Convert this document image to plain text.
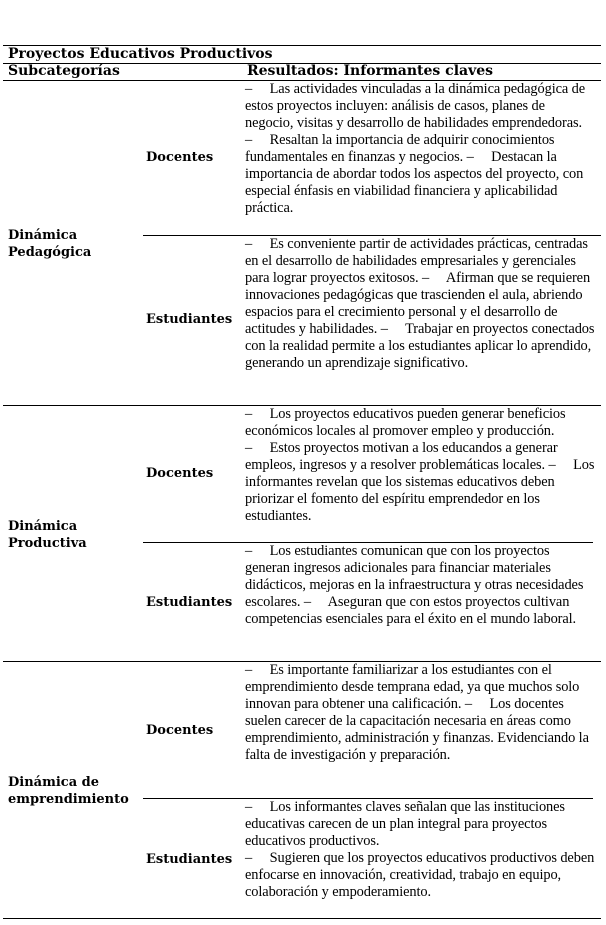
Proyectos Educativos Productivos
Subcategorías	Resultados: Informantes claves
Dinámica Pedagógica
Docentes
–     Las actividades vinculadas a la dinámica pedagógica de estos proyectos incluyen: análisis de casos, planes de negocio, visitas y desarrollo de habilidades emprendedoras. –     Resaltan la importancia de adquirir conocimientos fundamentales en finanzas y negocios. –     Destacan la importancia de abordar todos los aspectos del proyecto, con especial énfasis en viabilidad financiera y aplicabilidad práctica.
Estudiantes
–     Es conveniente partir de actividades prácticas, centradas en el desarrollo de habilidades empresariales y gerenciales para lograr proyectos exitosos. –     Afirman que se requieren innovaciones pedagógicas que trascienden el aula, abriendo espacios para el crecimiento personal y el desarrollo de actitudes y habilidades. –     Trabajar en proyectos conectados con la realidad permite a los estudiantes aplicar lo aprendido, generando un aprendizaje significativo.
Dinámica Productiva
Docentes
–     Los proyectos educativos pueden generar beneficios económicos locales al promover empleo y producción. –     Estos proyectos motivan a los educandos a generar empleos, ingresos y a resolver problemáticas locales. –     Los informantes revelan que los sistemas educativos deben priorizar el fomento del espíritu emprendedor en los estudiantes.
Estudiantes
–     Los estudiantes comunican que con los proyectos generan ingresos adicionales para financiar materiales didácticos, mejoras en la infraestructura y otras necesidades escolares. –     Aseguran que con estos proyectos cultivan competencias esenciales para el éxito en el mundo laboral.
Dinámica de emprendimiento
Docentes
–     Es importante familiarizar a los estudiantes con el emprendimiento desde temprana edad, ya que muchos solo innovan para obtener una calificación. –     Los docentes suelen carecer de la capacitación necesaria en áreas como emprendimiento, administración y finanzas. Evidenciando la falta de investigación y preparación.
Estudiantes
–     Los informantes claves señalan que las instituciones educativas carecen de un plan integral para proyectos educativos productivos.
–     Sugieren que los proyectos educativos productivos deben enfocarse en innovación, creatividad, trabajo en equipo, colaboración y empoderamiento.
